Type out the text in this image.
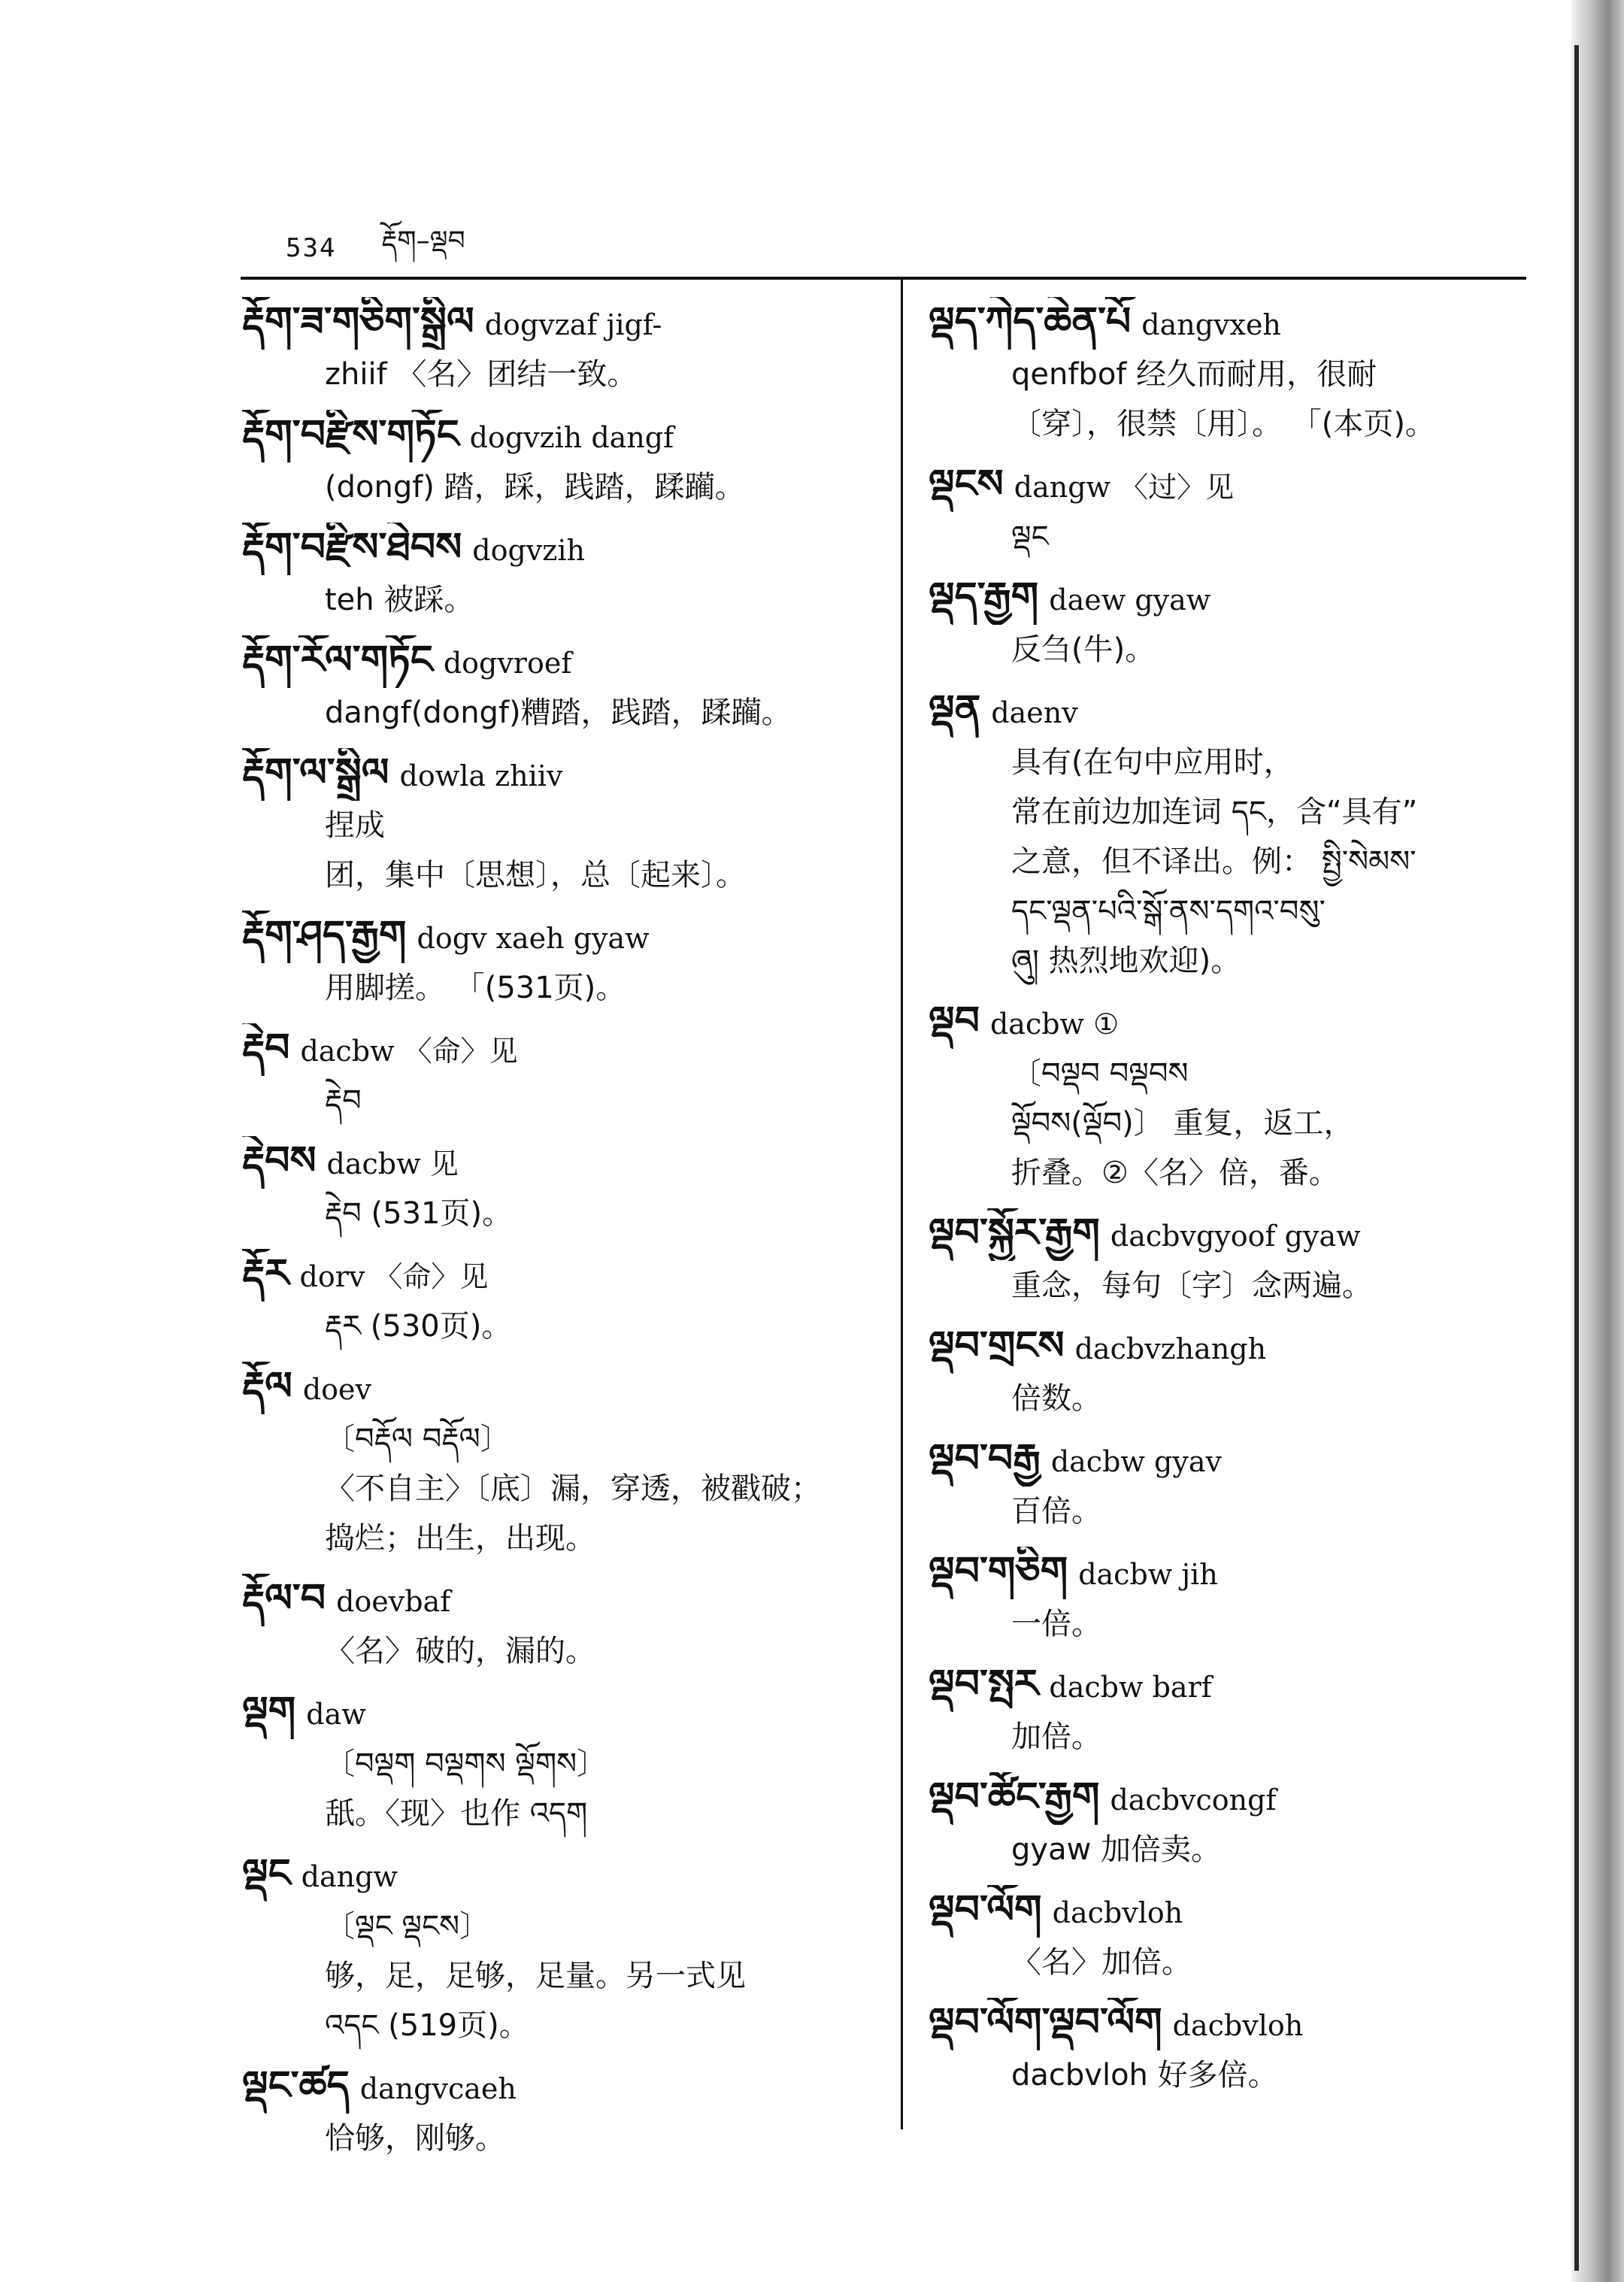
534 རྡོག–ལྡབ
རྡོག་ཟ་གཅིག་སྒྲིལ dogvzaf jigf-
zhiif 〈名〉团结一致。
རྡོག་བརྫིས་གཏོང dogvzih dangf
(dongf) 踏，踩，践踏，蹂躏。
རྡོག་བརྫིས་ཐེབས dogvzih
teh 被踩。
རྡོག་རོལ་གཏོང dogvroef
dangf(dongf)糟踏，践踏，蹂躏。
རྡོག་ལ་སྒྲིལ dowla zhiiv
捏成
团，集中〔思想〕，总〔起来〕。
རྡོག་ཤད་རྒྱག dogv xaeh gyaw
用脚搓。 「(531页)。
རྡེབ dacbw 〈命〉见
རྡེབ
རྡེབས dacbw 见
རྡེབ (531页)。
རྡོར dorv 〈命〉见
རྡར (530页)。
རྡོལ doev
〔བརྡོལ བརྡོལ〕
〈不自主〉〔底〕漏，穿透，被戳破；
捣烂；出生，出现。
རྡོལ་བ doevbaf
〈名〉破的，漏的。
ལྡག daw
〔བལྡག བལྡགས ལྡོགས〕
舐。〈现〉也作 འདག
ལྡང dangw
〔ལྡང ལྡངས〕
够，足，足够，足量。另一式见
འདང (519页)。
ལྡང་ཚད dangvcaeh
恰够，刚够。
ལྡད་ཀེད་ཆེན་པོ dangvxeh
qenfbof 经久而耐用，很耐
〔穿〕，很禁〔用〕。 「(本页)。
ལྡངས dangw 〈过〉见
ལྡང
ལྡད་རྒྱག daew gyaw
反刍(牛)。
ལྡན daenv
具有(在句中应用时，
常在前边加连词 དང，含“具有”
之意，但不译出。例： སྤྱི་སེམས་
དང་ལྡན་པའི་སྒོ་ནས་དགའ་བསུ་
ཞུ། 热烈地欢迎)。
ལྡབ dacbw ①
〔བལྡབ བལྡབས
ལྡོབས(ལྡོབ)〕 重复，返工，
折叠。②〈名〉倍，番。
ལྡབ་སྐྱོར་རྒྱག dacbvgyoof gyaw
重念，每句〔字〕念两遍。
ལྡབ་གྲངས dacbvzhangh
倍数。
ལྡབ་བརྒྱ dacbw gyav
百倍。
ལྡབ་གཅིག dacbw jih
一倍。
ལྡབ་སྤར dacbw barf
加倍。
ལྡབ་ཚོང་རྒྱག dacbvcongf
gyaw 加倍卖。
ལྡབ་ལོག dacbvloh
〈名〉加倍。
ལྡབ་ལོག་ལྡབ་ལོག dacbvloh
dacbvloh 好多倍。
